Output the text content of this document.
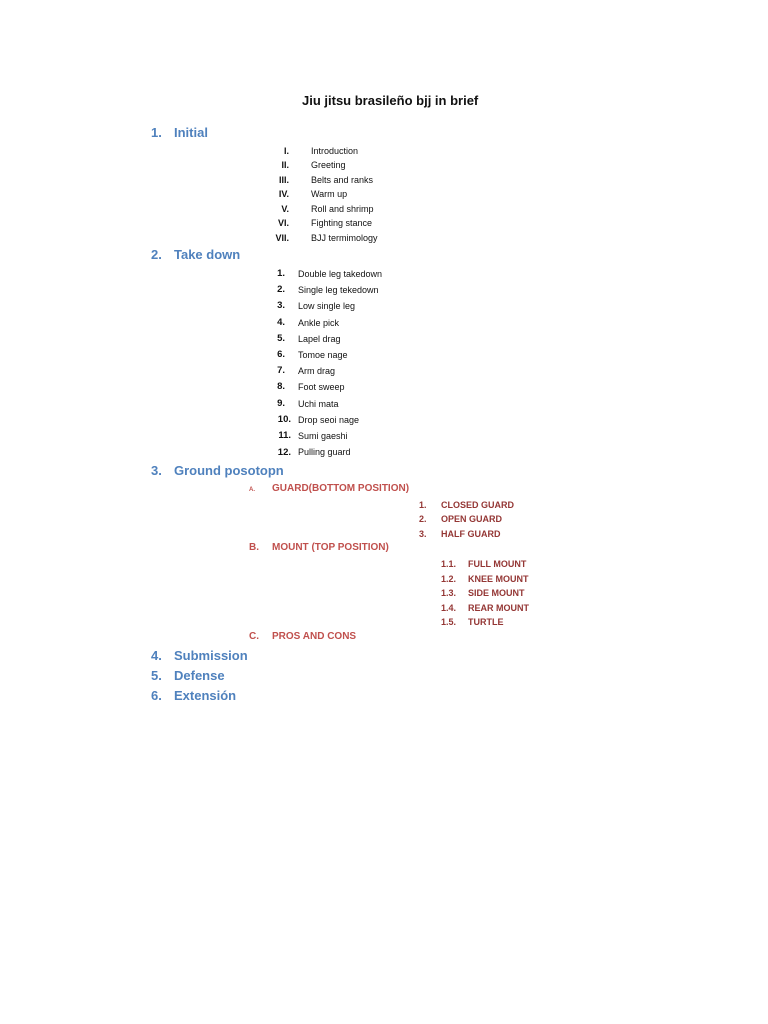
Jiu jitsu brasileño bjj in brief
1. Initial
I. Introduction
II. Greeting
III. Belts and ranks
IV. Warm up
V. Roll and shrimp
VI. Fighting stance
VII. BJJ termimology
2. Take down
1. Double leg takedown
2. Single leg tekedown
3. Low single leg
4. Ankle pick
5. Lapel drag
6. Tomoe nage
7. Arm drag
8. Foot sweep
9. Uchi mata
10. Drop seoi nage
11. Sumi gaeshi
12. Pulling guard
3. Ground posotopn
A. GUARD(BOTTOM POSITION)
1. CLOSED GUARD
2. OPEN GUARD
3. HALF GUARD
B. MOUNT (TOP POSITION)
1.1. FULL MOUNT
1.2. KNEE MOUNT
1.3. SIDE MOUNT
1.4. REAR MOUNT
1.5. TURTLE
C. PROS AND CONS
4. Submission
5. Defense
6. Extensión
